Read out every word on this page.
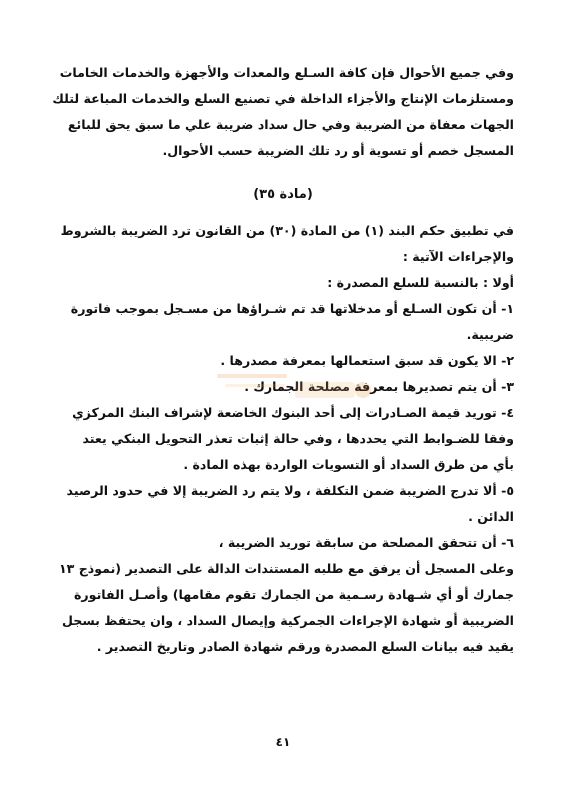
وفي جميع الأحوال فإن كافة السـلع والمعدات والأجهزة والخدمات الخامات
ومستلزمات الإنتاج والأجزاء الداخلة في تصنيع السلع والخدمات المباعة لتلك
الجهات معفاة من الضريبة وفي حال سداد ضريبة علي ما سبق يحق للبائع
المسجل خصم أو تسوية أو رد تلك الضريبة حسب الأحوال.
(مادة ٣٥)
في تطبيق حكم البند (١) من المادة (٣٠) من القانون ترد الضريبة بالشروط
والإجراءات الآتية :
أولا : بالنسبة للسلع المصدرة :
١- أن تكون السـلع أو مدخلاتها قد تم شـراؤها من مسـجل بموجب فاتورة
ضريبية.
٢- الا يكون قد سبق استعمالها بمعرفة مصدرها .
٣- أن يتم تصديرها بمعرفة مصلحة الجمارك .
٤- توريد قيمة الصـادرات إلى أحد البنوك الخاضعة لإشراف البنك المركزي
وفقا للضـوابط التي يحددها ، وفي حالة إثبات تعذر التحويل البنكي يعتد
بأي من طرق السداد أو التسويات الواردة بهذه المادة .
٥- ألا تدرج الضريبة ضمن التكلفة ، ولا يتم رد الضريبة إلا في حدود الرصيد
الدائن .
٦- أن تتحقق المصلحة من سابقة توريد الضريبة ،
وعلى المسجل أن يرفق مع طلبه المستندات الدالة على التصدير (نموذج ١٣
جمارك أو أي شـهادة رسـمية من الجمارك تقوم مقامها) وأصـل الفاتورة
الضريبية أو شهادة الإجراءات الجمركية وإيصال السداد ، وان يحتفظ بسجل
يقيد فيه بيانات السلع المصدرة ورقم شهادة الصادر وتاريخ التصدير .
٤١
